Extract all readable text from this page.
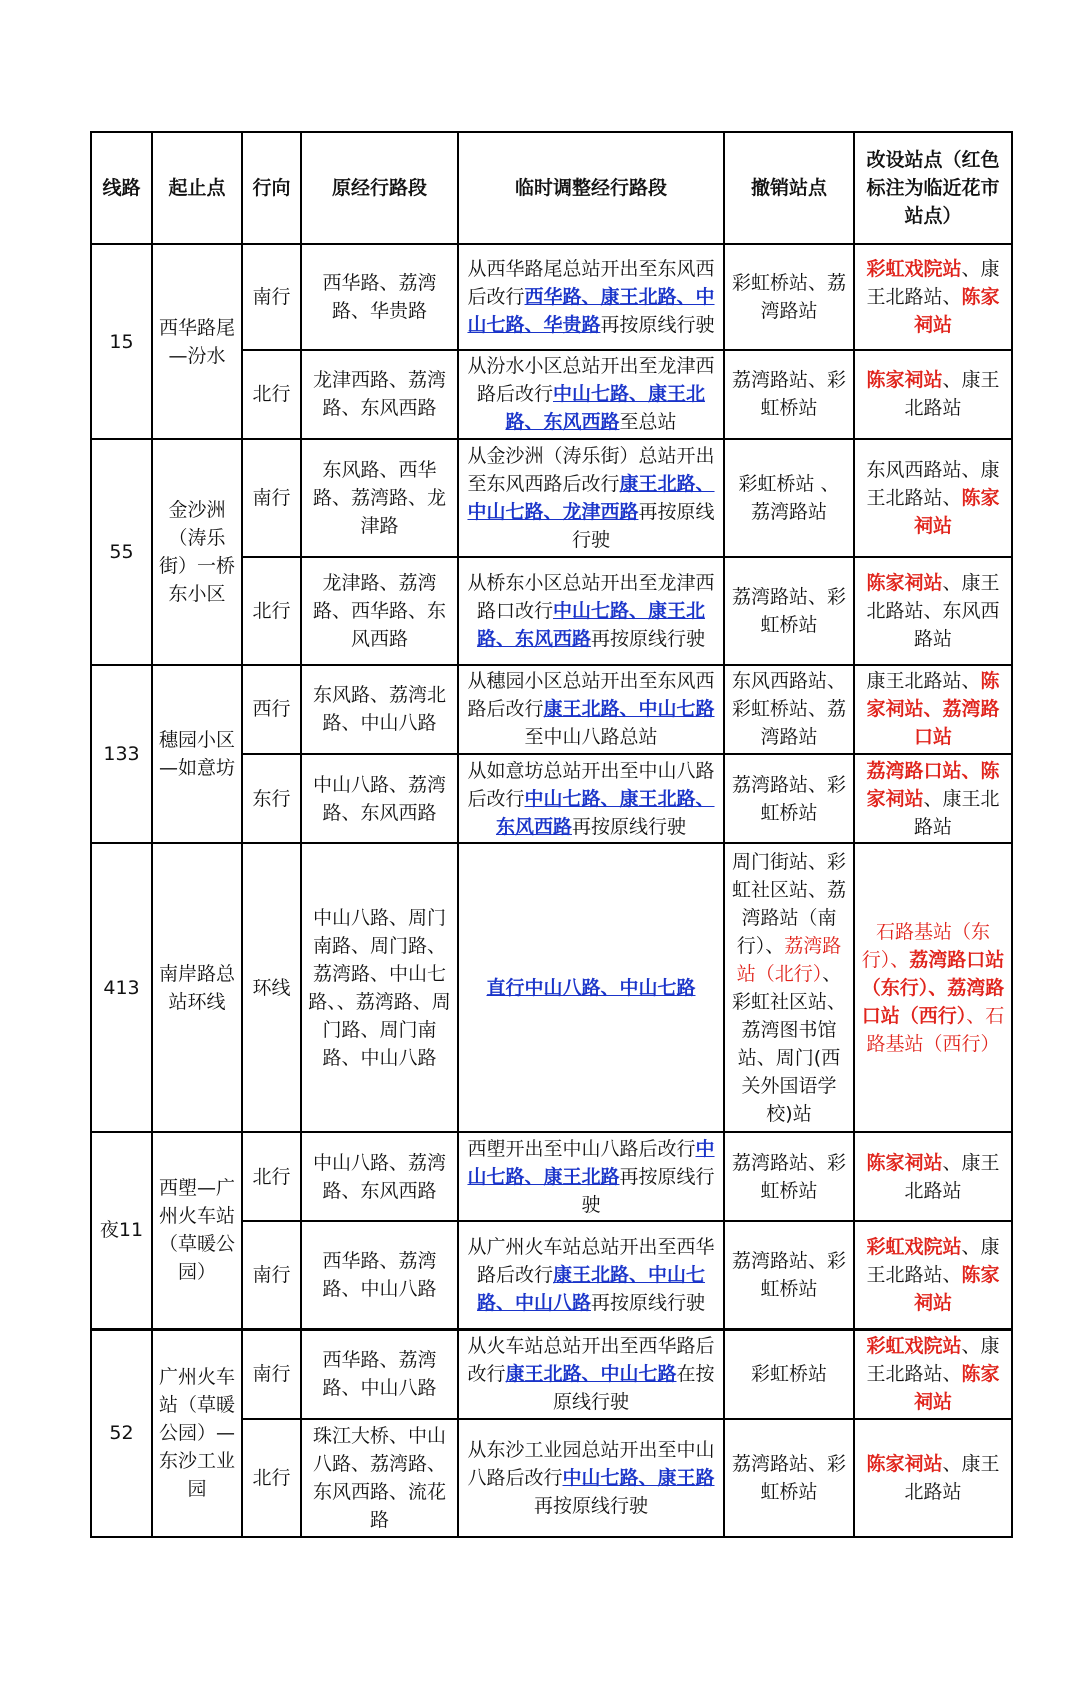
线路	起止点	行向	原经行路段	临时调整经行路段	撤销站点	改设站点（红色标注为临近花市站点）
15	西华路尾—汾水	南行	西华路、荔湾路、华贵路	从西华路尾总站开出至东风西后改行西华路、康王北路、中山七路、华贵路再按原线行驶	彩虹桥站、荔湾路站	彩虹戏院站、康王北路站、陈家祠站
		北行	龙津西路、荔湾路、东风西路	从汾水小区总站开出至龙津西路后改行中山七路、康王北路、东风西路至总站	荔湾路站、彩虹桥站	陈家祠站、康王北路站
55	金沙洲（涛乐街）一桥东小区	南行	东风路、西华路、荔湾路、龙津路	从金沙洲（涛乐街）总站开出至东风西路后改行康王北路、中山七路、龙津西路再按原线行驶	彩虹桥站 、荔湾路站	东风西路站、康王北路站、陈家祠站
		北行	龙津路、荔湾路、西华路、东风西路	从桥东小区总站开出至龙津西路口改行中山七路、康王北路、东风西路再按原线行驶	荔湾路站、彩虹桥站	陈家祠站、康王北路站、东风西路站
133	穗园小区—如意坊	西行	东风路、荔湾北路、中山八路	从穗园小区总站开出至东风西路后改行康王北路、中山七路至中山八路总站	东风西路站、彩虹桥站、荔湾路站	康王北路站、陈家祠站、荔湾路口站
		东行	中山八路、荔湾路、东风西路	从如意坊总站开出至中山八路后改行中山七路、康王北路、东风西路再按原线行驶	荔湾路站、彩虹桥站	荔湾路口站、陈家祠站、康王北路站
413	南岸路总站环线	环线	中山八路、周门南路、周门路、荔湾路、中山七路、、荔湾路、周门路、周门南路、中山八路	直行中山八路、中山七路	周门街站、彩虹社区站、荔湾路站（南行）、荔湾路站（北行）、彩虹社区站、荔湾图书馆站、周门(西关外国语学校)站	石路基站（东行）、荔湾路口站（东行）、荔湾路口站（西行）、石路基站（西行）
夜11	西塱—广州火车站（草暖公园）	北行	中山八路、荔湾路、东风西路	西塱开出至中山八路后改行中山七路、康王北路再按原线行驶	荔湾路站、彩虹桥站	陈家祠站、康王北路站
		南行	西华路、荔湾路、中山八路	从广州火车站总站开出至西华路后改行康王北路、中山七路、中山八路再按原线行驶	荔湾路站、彩虹桥站	彩虹戏院站、康王北路站、陈家祠站
52	广州火车站（草暖公园）—东沙工业园	南行	西华路、荔湾路、中山八路	从火车站总站开出至西华路后改行康王北路、中山七路在按原线行驶	彩虹桥站	彩虹戏院站、康王北路站、陈家祠站
		北行	珠江大桥、中山八路、荔湾路、东风西路、流花路	从东沙工业园总站开出至中山八路后改行中山七路、康王路再按原线行驶	荔湾路站、彩虹桥站	陈家祠站、康王北路站
